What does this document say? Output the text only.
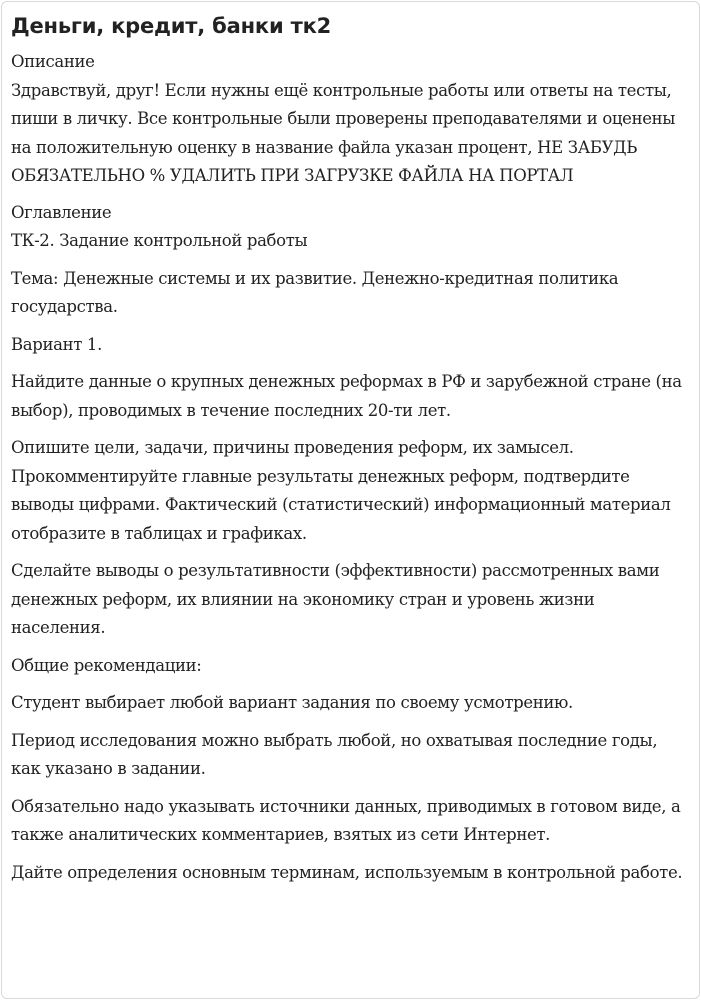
Деньги, кредит, банки тк2
Описание

Здравствуй, друг! Если нужны ещё контрольные работы или ответы на тесты, пиши в личку. Все контрольные были проверены преподавателями и оценены на положительную оценку в название файла указан процент, НЕ ЗАБУДЬ ОБЯЗАТЕЛЬНО % УДАЛИТЬ ПРИ ЗАГРУЗКЕ ФАЙЛА НА ПОРТАЛ

Оглавление

ТК-2. Задание контрольной работы

Тема: Денежные системы и их развитие. Денежно-кредитная политика государства.

Вариант 1.

Найдите данные о крупных денежных реформах в РФ и зарубежной стране (на выбор), проводимых в течение последних 20-ти лет.

Опишите цели, задачи, причины проведения реформ, их замысел. Прокомментируйте главные результаты денежных реформ, подтвердите выводы цифрами. Фактический (статистический) информационный материал отобразите в таблицах и графиках.

Сделайте выводы о результативности (эффективности) рассмотренных вами денежных реформ, их влиянии на экономику стран и уровень жизни населения.

Общие рекомендации:

Студент выбирает любой вариант задания по своему усмотрению.

Период исследования можно выбрать любой, но охватывая последние годы, как указано в задании.

Обязательно надо указывать источники данных, приводимых в готовом виде, а также аналитических комментариев, взятых из сети Интернет.

Дайте определения основным терминам, используемым в контрольной работе.
